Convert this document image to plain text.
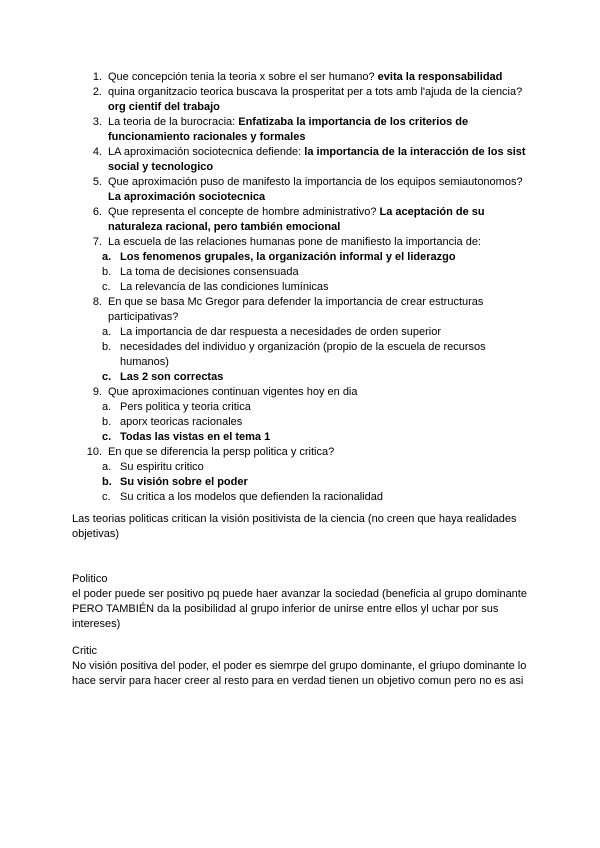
1. Que concepción tenia la teoria x sobre el ser humano? evita la responsabilidad
2. quina organitzacio teorica buscava la prosperitat per a tots amb l'ajuda de la ciencia? org cientif del trabajo
3. La teoria de la burocracia: Enfatizaba la importancia de los criterios de funcionamiento racionales y formales
4. LA aproximación sociotecnica defiende: la importancia de la interacción de los sist social y tecnologico
5. Que aproximación puso de manifesto la importancia de los equipos semiautonomos? La aproximación sociotecnica
6. Que representa el concepte de hombre administrativo? La aceptación de su naturaleza racional, pero también emocional
7. La escuela de las relaciones humanas pone de manifiesto la importancia de:
a. Los fenomenos grupales, la organización informal y el liderazgo
b. La toma de decisiones consensuada
c. La relevancia de las condiciones lumínicas
8. En que se basa Mc Gregor para defender la importancia de crear estructuras participativas?
a. La importancia de dar respuesta a necesidades de orden superior
b. necesidades del individuo y organización (propio de la escuela de recursos humanos)
c. Las 2 son correctas
9. Que aproximaciones continuan vigentes hoy en dia
a. Pers politica y teoria critica
b. aporx teoricas racionales
c. Todas las vistas en el tema 1
10. En que se diferencia la persp politica y critica?
a. Su espiritu critico
b. Su visión sobre el poder
c. Su critica a los modelos que defienden la racionalidad
Las teorias politicas critican la visión positivista de la ciencia (no creen que haya realidades objetivas)
Politico
el poder puede ser positivo pq puede haer avanzar la sociedad (beneficia al grupo dominante PERO TAMBIÉN da la posibilidad al grupo inferior de unirse entre ellos yl uchar por sus intereses)
Critic
No visión positiva del poder, el poder es siemrpe del grupo dominante, el griupo dominante lo hace servir para hacer creer al resto para en verdad tienen un objetivo comun pero no es asi
